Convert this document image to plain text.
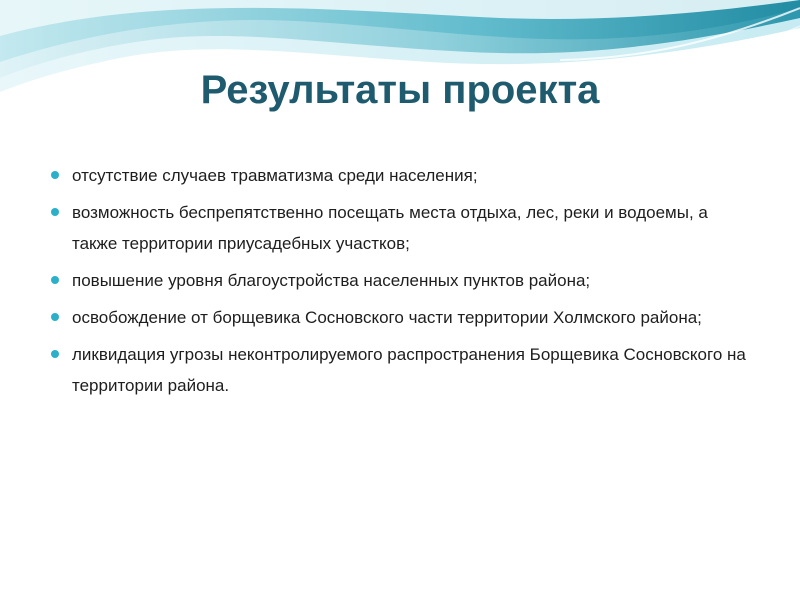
Результаты проекта
отсутствие случаев травматизма среди населения;
возможность беспрепятственно посещать места отдыха, лес, реки и водоемы, а также территории приусадебных участков;
повышение уровня благоустройства населенных пунктов района;
освобождение от борщевика Сосновского части территории Холмского района;
ликвидация угрозы неконтролируемого распространения Борщевика Сосновского на территории района.
